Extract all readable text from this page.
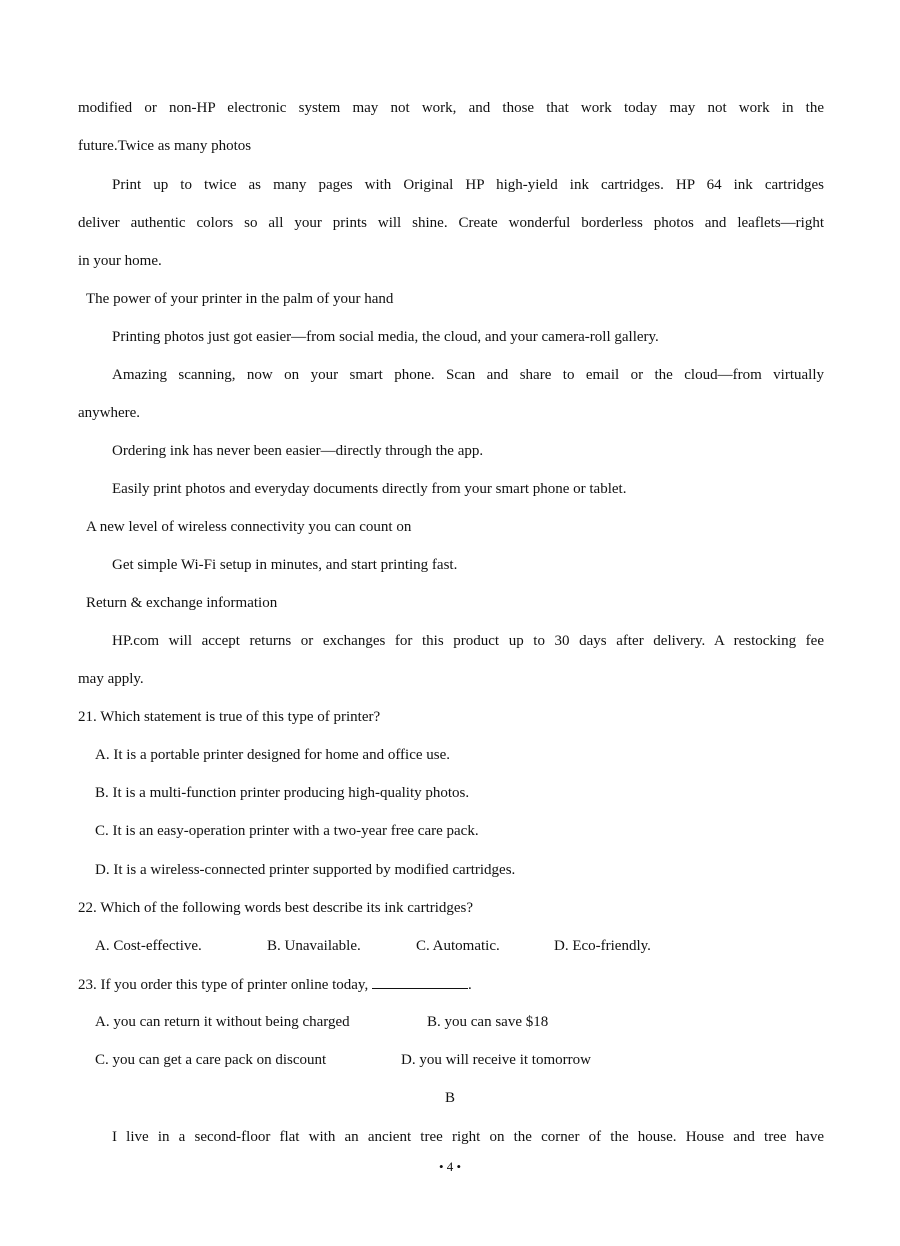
modified or non-HP electronic system may not work, and those that work today may not work in the
future.Twice as many photos
Print up to twice as many pages with Original HP high-yield ink cartridges. HP 64 ink cartridges
deliver authentic colors so all your prints will shine. Create wonderful borderless photos and leaflets—right
in your home.
The power of your printer in the palm of your hand
Printing photos just got easier—from social media, the cloud, and your camera-roll gallery.
Amazing scanning, now on your smart phone. Scan and share to email or the cloud—from virtually
anywhere.
Ordering ink has never been easier—directly through the app.
Easily print photos and everyday documents directly from your smart phone or tablet.
A new level of wireless connectivity you can count on
Get simple Wi-Fi setup in minutes, and start printing fast.
Return & exchange information
HP.com will accept returns or exchanges for this product up to 30 days after delivery. A restocking fee
may apply.
21. Which statement is true of this type of printer?
A. It is a portable printer designed for home and office use.
B. It is a multi-function printer producing high-quality photos.
C. It is an easy-operation printer with a two-year free care pack.
D. It is a wireless-connected printer supported by modified cartridges.
22. Which of the following words best describe its ink cartridges?
A. Cost-effective.	B. Unavailable.	C. Automatic.	D. Eco-friendly.
23. If you order this type of printer online today,	.
A. you can return it without being charged	B. you can save $18
C. you can get a care pack on discount	D. you will receive it tomorrow
B
I live in a second-floor flat with an ancient tree right on the corner of the house. House and tree have
• 4 •
